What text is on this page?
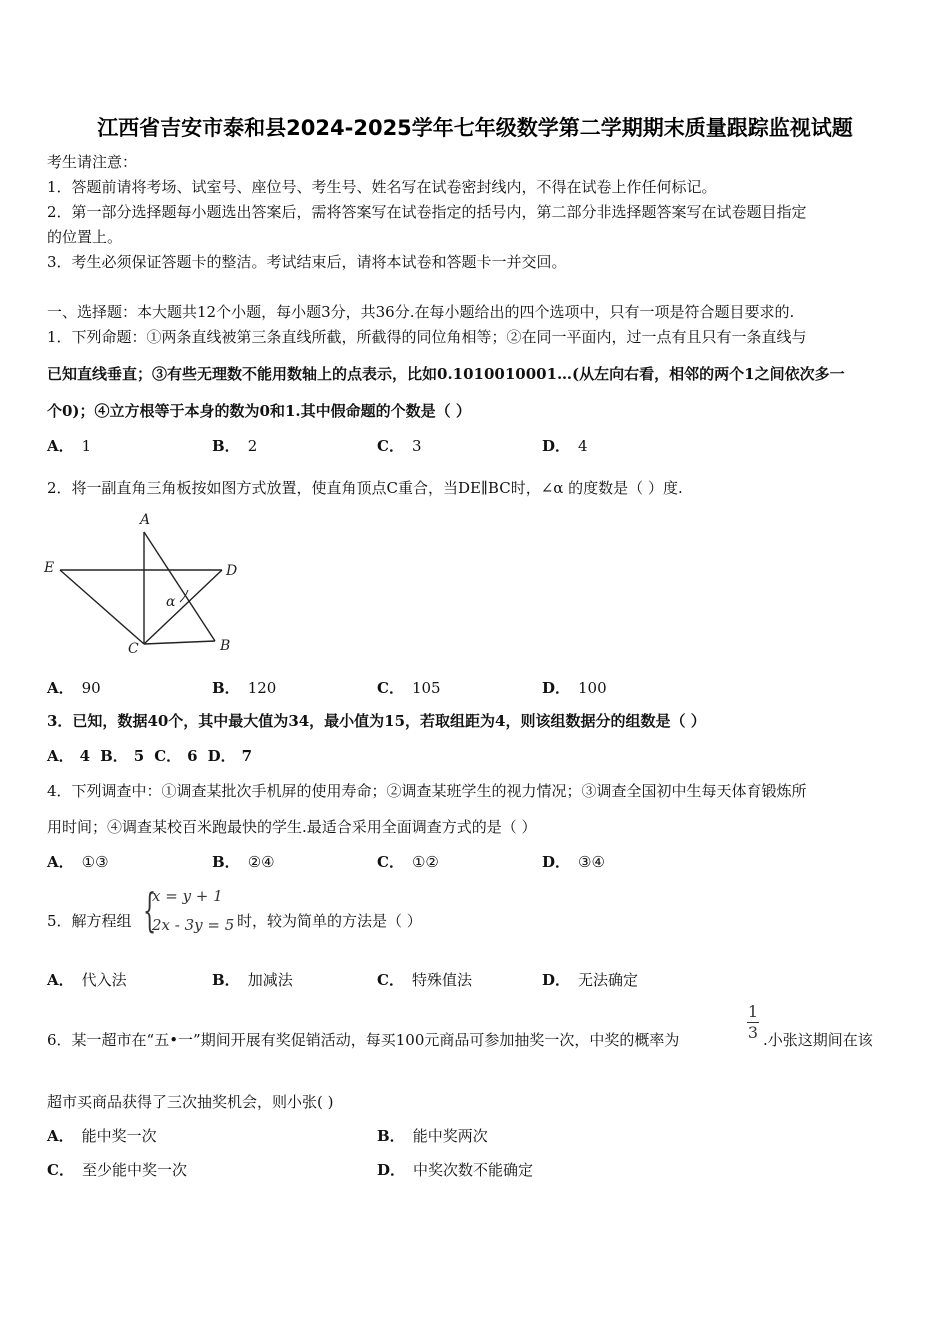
江西省吉安市泰和县2024-2025学年七年级数学第二学期期末质量跟踪监视试题
考生请注意：
1．答题前请将考场、试室号、座位号、考生号、姓名写在试卷密封线内，不得在试卷上作任何标记。
2．第一部分选择题每小题选出答案后，需将答案写在试卷指定的括号内，第二部分非选择题答案写在试卷题目指定
的位置上。
3．考生必须保证答题卡的整洁。考试结束后，请将本试卷和答题卡一并交回。
一、选择题：本大题共12个小题，每小题3分，共36分.在每小题给出的四个选项中，只有一项是符合题目要求的.
1．下列命题：①两条直线被第三条直线所截，所截得的同位角相等；②在同一平面内，过一点有且只有一条直线与
已知直线垂直；③有些无理数不能用数轴上的点表示，比如0.1010010001…(从左向右看，相邻的两个1之间依次多一
个0)；④立方根等于本身的数为0和1.其中假命题的个数是（ ）
A． 1	B． 2	C． 3	D． 4
2．将一副直角三角板按如图方式放置，使直角顶点C重合，当DE∥BC时，∠α 的度数是（ ）度.
A
E	D
α
C	B
A． 90	B． 120	C． 105	D． 100
3．已知，数据40个，其中最大值为34，最小值为15，若取组距为4，则该组数据分的组数是（ ）
A． 4 B． 5 C． 6 D． 7
4．下列调查中：①调查某批次手机屏的使用寿命；②调查某班学生的视力情况；③调查全国初中生每天体育锻炼所
用时间；④调查某校百米跑最快的学生.最适合采用全面调查方式的是（ ）
A． ①③	B． ②④	C． ①②	D． ③④
5．解方程组 {
x = y + 1
2x - 3y = 5 时，较为简单的方法是（ ）
A． 代入法	B． 加减法	C． 特殊值法	D． 无法确定
6．某一超市在“五•一”期间开展有奖促销活动，每买100元商品可参加抽奖一次，中奖的概率为
1
3 .小张这期间在该
超市买商品获得了三次抽奖机会，则小张( )
A． 能中奖一次	B． 能中奖两次
C． 至少能中奖一次	D． 中奖次数不能确定
